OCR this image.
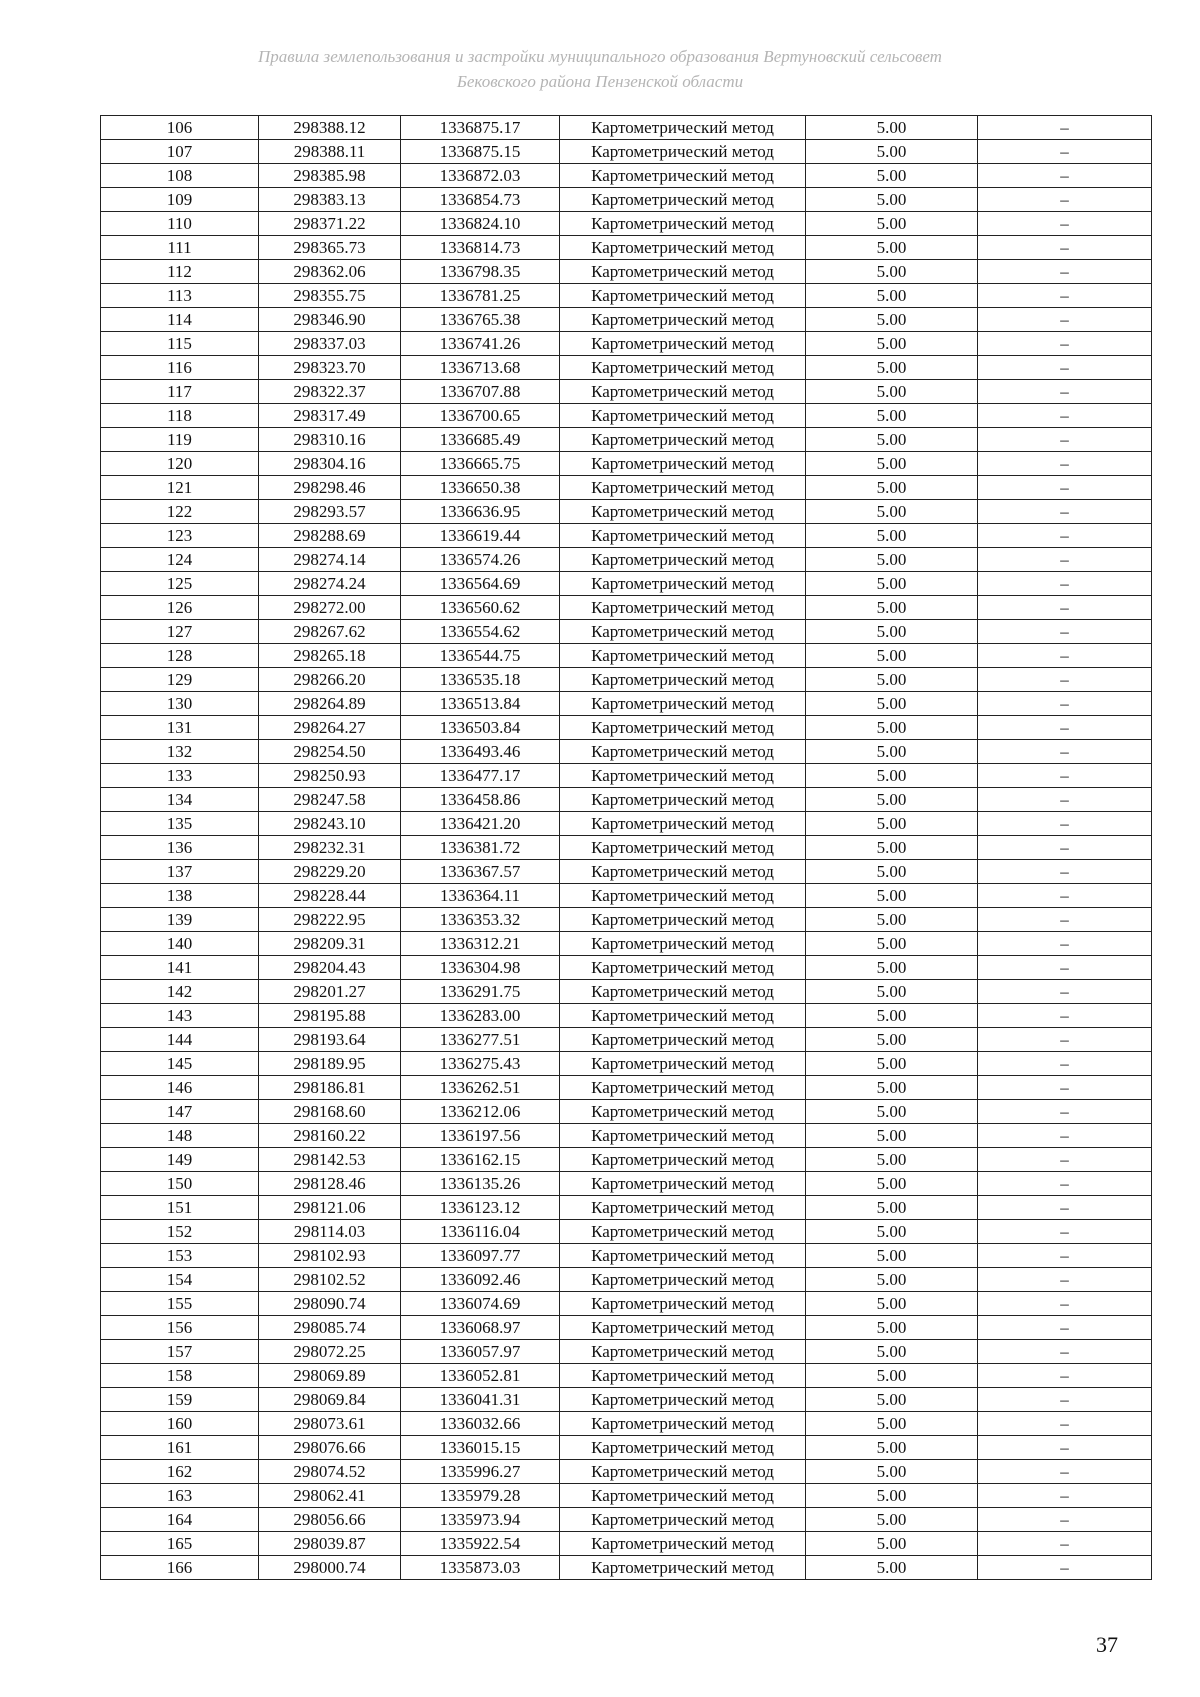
Правила землепользования и застройки муниципального образования Вертуновский сельсовет
Бековского района Пензенской области
106	298388.12	1336875.17	Картометрический метод	5.00	–
107	298388.11	1336875.15	Картометрический метод	5.00	–
108	298385.98	1336872.03	Картометрический метод	5.00	–
109	298383.13	1336854.73	Картометрический метод	5.00	–
110	298371.22	1336824.10	Картометрический метод	5.00	–
111	298365.73	1336814.73	Картометрический метод	5.00	–
112	298362.06	1336798.35	Картометрический метод	5.00	–
113	298355.75	1336781.25	Картометрический метод	5.00	–
114	298346.90	1336765.38	Картометрический метод	5.00	–
115	298337.03	1336741.26	Картометрический метод	5.00	–
116	298323.70	1336713.68	Картометрический метод	5.00	–
117	298322.37	1336707.88	Картометрический метод	5.00	–
118	298317.49	1336700.65	Картометрический метод	5.00	–
119	298310.16	1336685.49	Картометрический метод	5.00	–
120	298304.16	1336665.75	Картометрический метод	5.00	–
121	298298.46	1336650.38	Картометрический метод	5.00	–
122	298293.57	1336636.95	Картометрический метод	5.00	–
123	298288.69	1336619.44	Картометрический метод	5.00	–
124	298274.14	1336574.26	Картометрический метод	5.00	–
125	298274.24	1336564.69	Картометрический метод	5.00	–
126	298272.00	1336560.62	Картометрический метод	5.00	–
127	298267.62	1336554.62	Картометрический метод	5.00	–
128	298265.18	1336544.75	Картометрический метод	5.00	–
129	298266.20	1336535.18	Картометрический метод	5.00	–
130	298264.89	1336513.84	Картометрический метод	5.00	–
131	298264.27	1336503.84	Картометрический метод	5.00	–
132	298254.50	1336493.46	Картометрический метод	5.00	–
133	298250.93	1336477.17	Картометрический метод	5.00	–
134	298247.58	1336458.86	Картометрический метод	5.00	–
135	298243.10	1336421.20	Картометрический метод	5.00	–
136	298232.31	1336381.72	Картометрический метод	5.00	–
137	298229.20	1336367.57	Картометрический метод	5.00	–
138	298228.44	1336364.11	Картометрический метод	5.00	–
139	298222.95	1336353.32	Картометрический метод	5.00	–
140	298209.31	1336312.21	Картометрический метод	5.00	–
141	298204.43	1336304.98	Картометрический метод	5.00	–
142	298201.27	1336291.75	Картометрический метод	5.00	–
143	298195.88	1336283.00	Картометрический метод	5.00	–
144	298193.64	1336277.51	Картометрический метод	5.00	–
145	298189.95	1336275.43	Картометрический метод	5.00	–
146	298186.81	1336262.51	Картометрический метод	5.00	–
147	298168.60	1336212.06	Картометрический метод	5.00	–
148	298160.22	1336197.56	Картометрический метод	5.00	–
149	298142.53	1336162.15	Картометрический метод	5.00	–
150	298128.46	1336135.26	Картометрический метод	5.00	–
151	298121.06	1336123.12	Картометрический метод	5.00	–
152	298114.03	1336116.04	Картометрический метод	5.00	–
153	298102.93	1336097.77	Картометрический метод	5.00	–
154	298102.52	1336092.46	Картометрический метод	5.00	–
155	298090.74	1336074.69	Картометрический метод	5.00	–
156	298085.74	1336068.97	Картометрический метод	5.00	–
157	298072.25	1336057.97	Картометрический метод	5.00	–
158	298069.89	1336052.81	Картометрический метод	5.00	–
159	298069.84	1336041.31	Картометрический метод	5.00	–
160	298073.61	1336032.66	Картометрический метод	5.00	–
161	298076.66	1336015.15	Картометрический метод	5.00	–
162	298074.52	1335996.27	Картометрический метод	5.00	–
163	298062.41	1335979.28	Картометрический метод	5.00	–
164	298056.66	1335973.94	Картометрический метод	5.00	–
165	298039.87	1335922.54	Картометрический метод	5.00	–
166	298000.74	1335873.03	Картометрический метод	5.00	–
37
